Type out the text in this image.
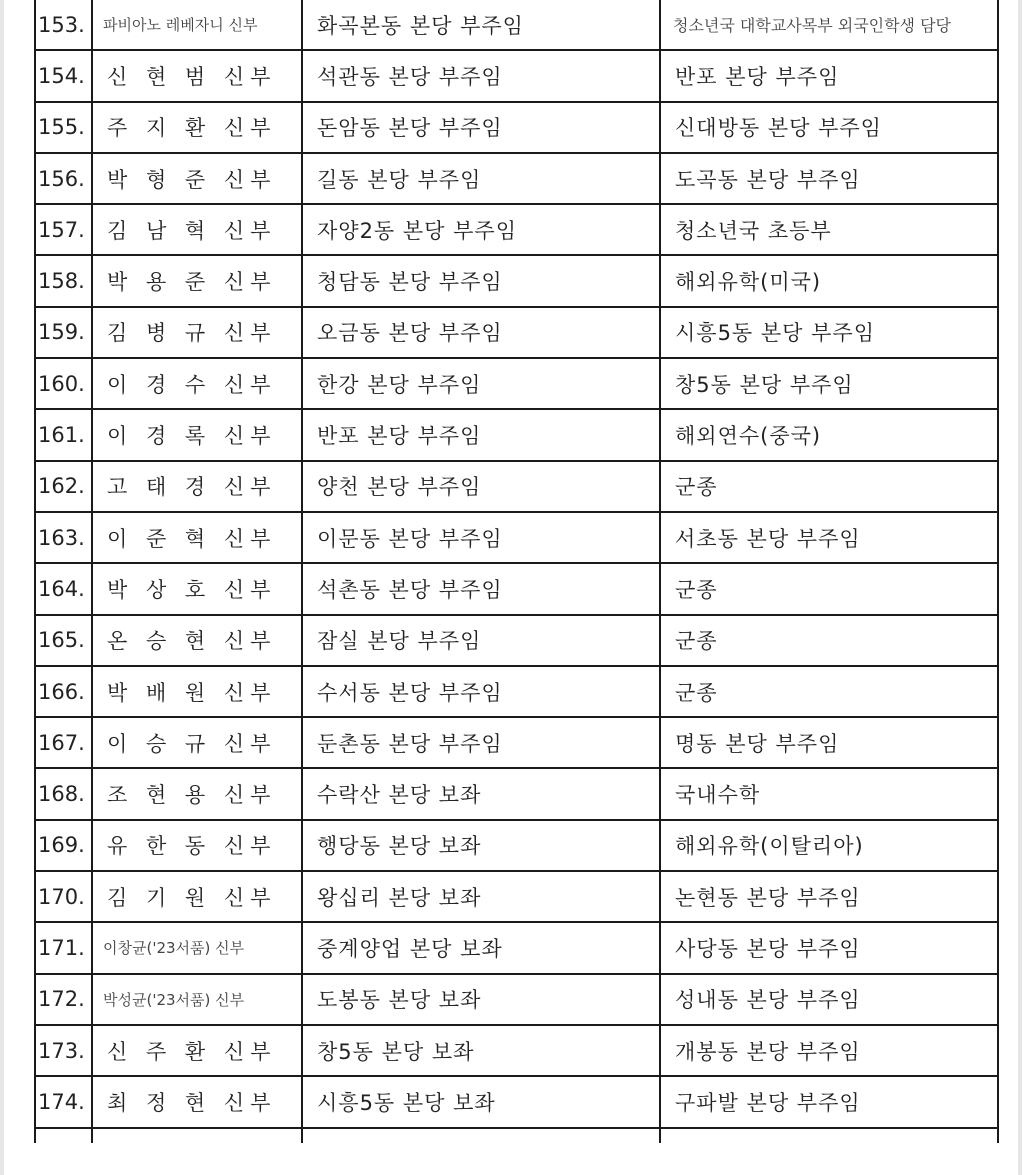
153.	파비아노 레베자니 신부	화곡본동 본당 부주임	청소년국 대학교사목부 외국인학생 담당
154.	신 현 범 신부	석관동 본당 부주임	반포 본당 부주임
155.	주 지 환 신부	돈암동 본당 부주임	신대방동 본당 부주임
156.	박 형 준 신부	길동 본당 부주임	도곡동 본당 부주임
157.	김 남 혁 신부	자양2동 본당 부주임	청소년국 초등부
158.	박 용 준 신부	청담동 본당 부주임	해외유학(미국)
159.	김 병 규 신부	오금동 본당 부주임	시흥5동 본당 부주임
160.	이 경 수 신부	한강 본당 부주임	창5동 본당 부주임
161.	이 경 록 신부	반포 본당 부주임	해외연수(중국)
162.	고 태 경 신부	양천 본당 부주임	군종
163.	이 준 혁 신부	이문동 본당 부주임	서초동 본당 부주임
164.	박 상 호 신부	석촌동 본당 부주임	군종
165.	온 승 현 신부	잠실 본당 부주임	군종
166.	박 배 원 신부	수서동 본당 부주임	군종
167.	이 승 규 신부	둔촌동 본당 부주임	명동 본당 부주임
168.	조 현 용 신부	수락산 본당 보좌	국내수학
169.	유 한 동 신부	행당동 본당 보좌	해외유학(이탈리아)
170.	김 기 원 신부	왕십리 본당 보좌	논현동 본당 부주임
171.	이창균('23서품) 신부	중계양업 본당 보좌	사당동 본당 부주임
172.	박성균('23서품) 신부	도봉동 본당 보좌	성내동 본당 부주임
173.	신 주 환 신부	창5동 본당 보좌	개봉동 본당 부주임
174.	최 정 현 신부	시흥5동 본당 보좌	구파발 본당 부주임
